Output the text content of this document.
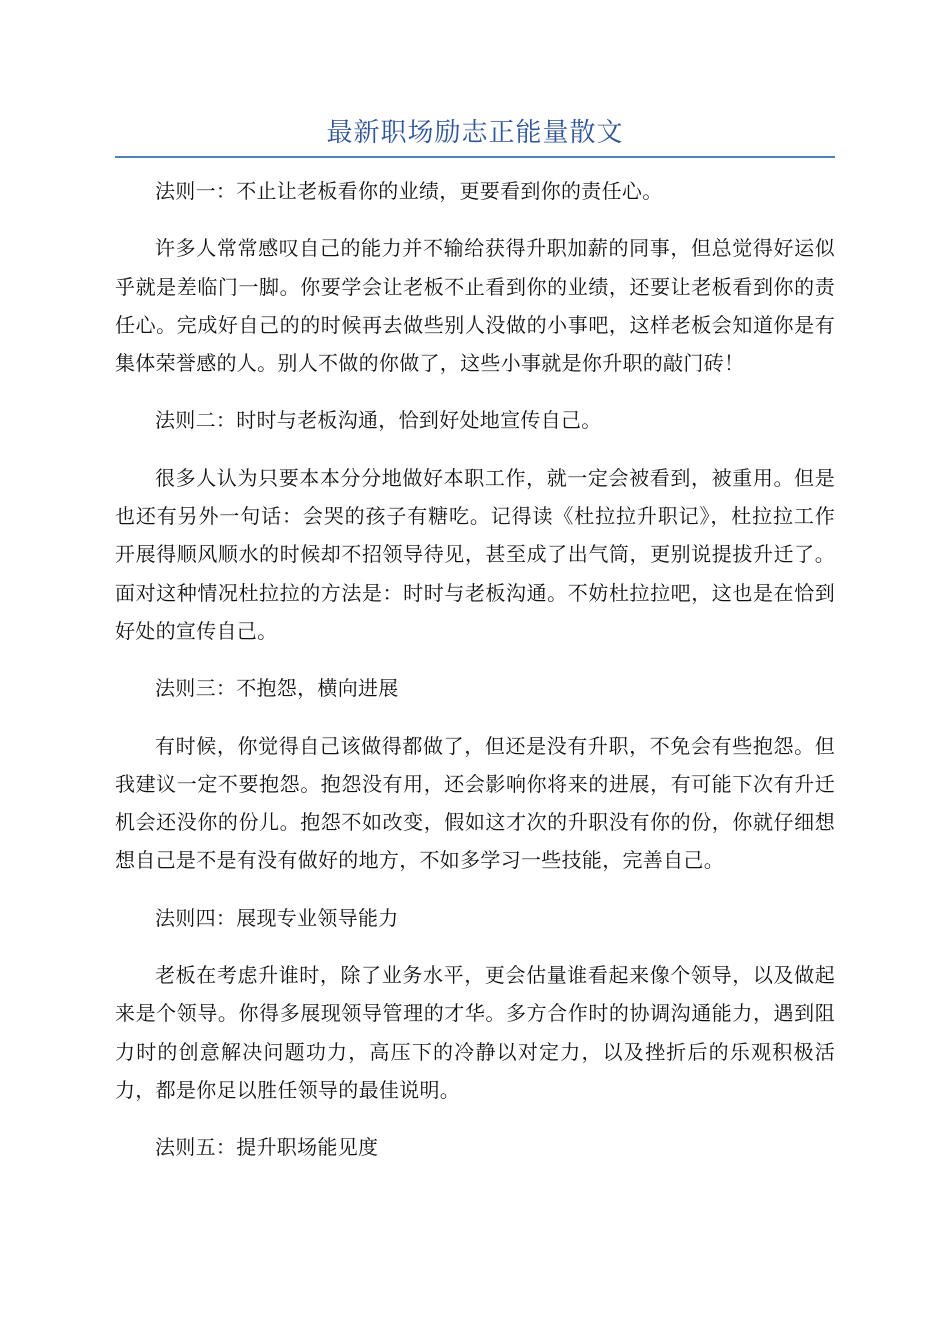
最新职场励志正能量散文

法则一：不止让老板看你的业绩，更要看到你的责任心。

许多人常常感叹自己的能力并不输给获得升职加薪的同事，但总觉得好运似乎就是差临门一脚。你要学会让老板不止看到你的业绩，还要让老板看到你的责任心。完成好自己的的时候再去做些别人没做的小事吧，这样老板会知道你是有集体荣誉感的人。别人不做的你做了，这些小事就是你升职的敲门砖！

法则二：时时与老板沟通，恰到好处地宣传自己。

很多人认为只要本本分分地做好本职工作，就一定会被看到，被重用。但是也还有另外一句话：会哭的孩子有糖吃。记得读《杜拉拉升职记》，杜拉拉工作开展得顺风顺水的时候却不招领导待见，甚至成了出气筒，更别说提拔升迁了。面对这种情况杜拉拉的方法是：时时与老板沟通。不妨杜拉拉吧，这也是在恰到好处的宣传自己。

法则三：不抱怨，横向进展

有时候，你觉得自己该做得都做了，但还是没有升职，不免会有些抱怨。但我建议一定不要抱怨。抱怨没有用，还会影响你将来的进展，有可能下次有升迁机会还没你的份儿。抱怨不如改变，假如这才次的升职没有你的份，你就仔细想想自己是不是有没有做好的地方，不如多学习一些技能，完善自己。

法则四：展现专业领导能力

老板在考虑升谁时，除了业务水平，更会估量谁看起来像个领导，以及做起来是个领导。你得多展现领导管理的才华。多方合作时的协调沟通能力，遇到阻力时的创意解决问题功力，高压下的冷静以对定力，以及挫折后的乐观积极活力，都是你足以胜任领导的最佳说明。

法则五：提升职场能见度
